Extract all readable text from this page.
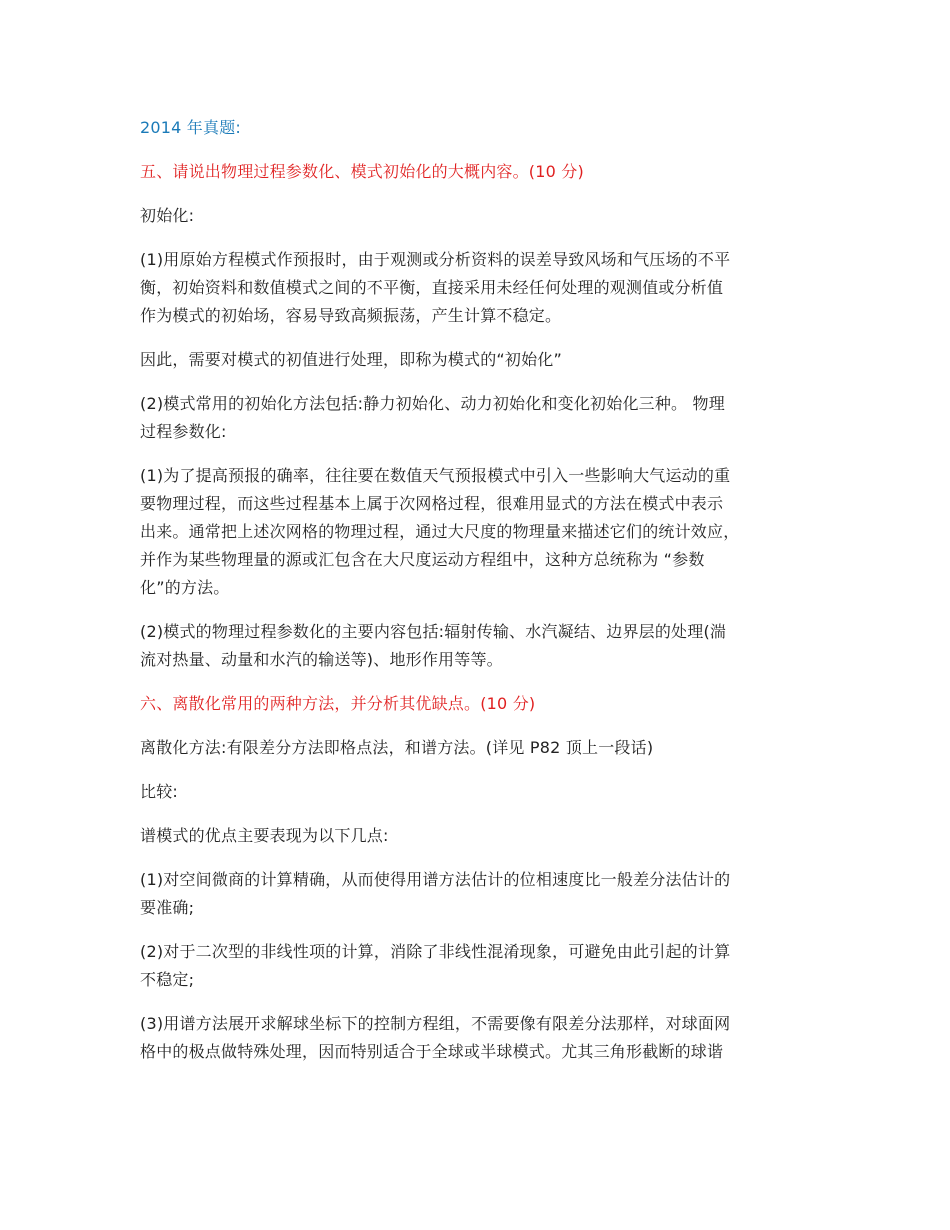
2014 年真题:

五、请说出物理过程参数化、模式初始化的大概内容。(10 分)

初始化:

(1)用原始方程模式作预报时，由于观测或分析资料的误差导致风场和气压场的不平
衡，初始资料和数值模式之间的不平衡，直接采用未经任何处理的观测值或分析值
作为模式的初始场，容易导致高频振荡，产生计算不稳定。

因此，需要对模式的初值进行处理，即称为模式的“初始化”

(2)模式常用的初始化方法包括:静力初始化、动力初始化和变化初始化三种。 物理
过程参数化:

(1)为了提高预报的确率，往往要在数值天气预报模式中引入一些影响大气运动的重
要物理过程，而这些过程基本上属于次网格过程，很难用显式的方法在模式中表示
出来。通常把上述次网格的物理过程，通过大尺度的物理量来描述它们的统计效应，
并作为某些物理量的源或汇包含在大尺度运动方程组中，这种方总统称为 “参数
化”的方法。

(2)模式的物理过程参数化的主要内容包括:辐射传输、水汽凝结、边界层的处理(湍
流对热量、动量和水汽的输送等)、地形作用等等。

六、离散化常用的两种方法，并分析其优缺点。(10 分)

离散化方法:有限差分方法即格点法，和谱方法。(详见 P82 顶上一段话)

比较:

谱模式的优点主要表现为以下几点:

(1)对空间微商的计算精确，从而使得用谱方法估计的位相速度比一般差分法估计的
要准确;

(2)对于二次型的非线性项的计算，消除了非线性混淆现象，可避免由此引起的计算
不稳定;

(3)用谱方法展开求解球坐标下的控制方程组，不需要像有限差分法那样，对球面网
格中的极点做特殊处理，因而特别适合于全球或半球模式。尤其三角形截断的球谐
